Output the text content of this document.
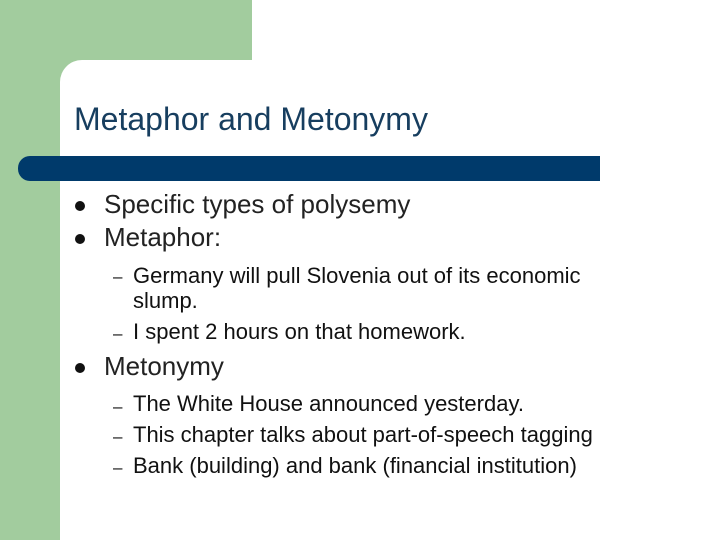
Metaphor and Metonymy
Specific types of polysemy
Metaphor:
– Germany will pull Slovenia out of its economic
slump.
– I spent 2 hours on that homework.
Metonymy
– The White House announced yesterday.
– This chapter talks about part-of-speech tagging
– Bank (building) and bank (financial institution)
